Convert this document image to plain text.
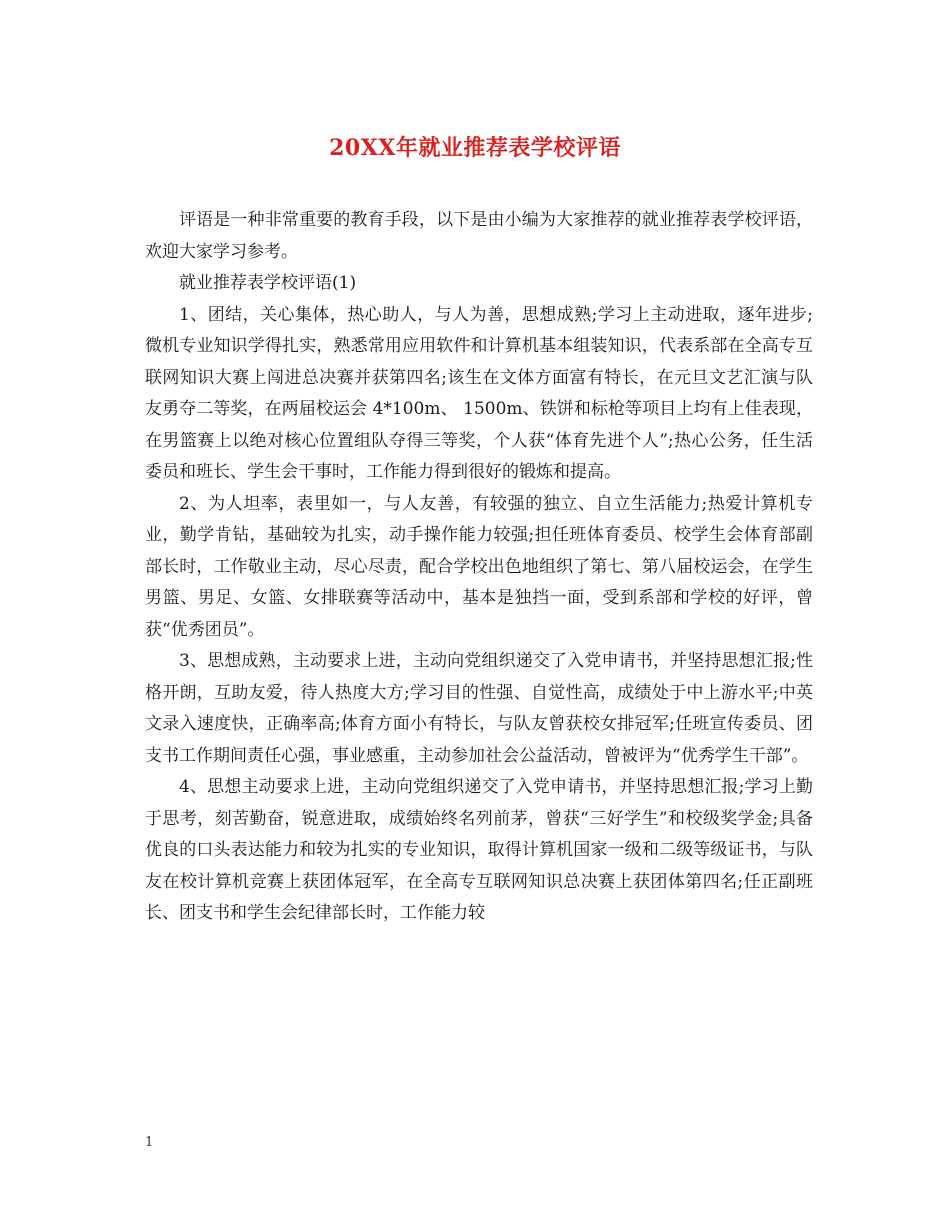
20XX年就业推荐表学校评语

评语是一种非常重要的教育手段，以下是由小编为大家推荐的就业推荐表学校评语，欢迎大家学习参考。

就业推荐表学校评语(1)

1、团结，关心集体，热心助人，与人为善，思想成熟;学习上主动进取，逐年进步;微机专业知识学得扎实，熟悉常用应用软件和计算机基本组装知识，代表系部在全高专互联网知识大赛上闯进总决赛并获第四名;该生在文体方面富有特长，在元旦文艺汇演与队友勇夺二等奖，在两届校运会 4*100m、 1500m、铁饼和标枪等项目上均有上佳表现，在男篮赛上以绝对核心位置组队夺得三等奖，个人获“体育先进个人”;热心公务，任生活委员和班长、学生会干事时，工作能力得到很好的锻炼和提高。

2、为人坦率，表里如一，与人友善，有较强的独立、自立生活能力;热爱计算机专业，勤学肯钻，基础较为扎实，动手操作能力较强;担任班体育委员、校学生会体育部副部长时，工作敬业主动，尽心尽责，配合学校出色地组织了第七、第八届校运会，在学生男篮、男足、女篮、女排联赛等活动中，基本是独挡一面，受到系部和学校的好评，曾获“优秀团员”。

3、思想成熟，主动要求上进，主动向党组织递交了入党申请书，并坚持思想汇报;性格开朗，互助友爱，待人热度大方;学习目的性强、自觉性高，成绩处于中上游水平;中英文录入速度快，正确率高;体育方面小有特长，与队友曾获校女排冠军;任班宣传委员、团支书工作期间责任心强，事业感重，主动参加社会公益活动，曾被评为“优秀学生干部”。

4、思想主动要求上进，主动向党组织递交了入党申请书，并坚持思想汇报;学习上勤于思考，刻苦勤奋，锐意进取，成绩始终名列前茅，曾获“三好学生”和校级奖学金;具备优良的口头表达能力和较为扎实的专业知识，取得计算机国家一级和二级等级证书，与队友在校计算机竞赛上获团体冠军，在全高专互联网知识总决赛上获团体第四名;任正副班长、团支书和学生会纪律部长时，工作能力较

1
